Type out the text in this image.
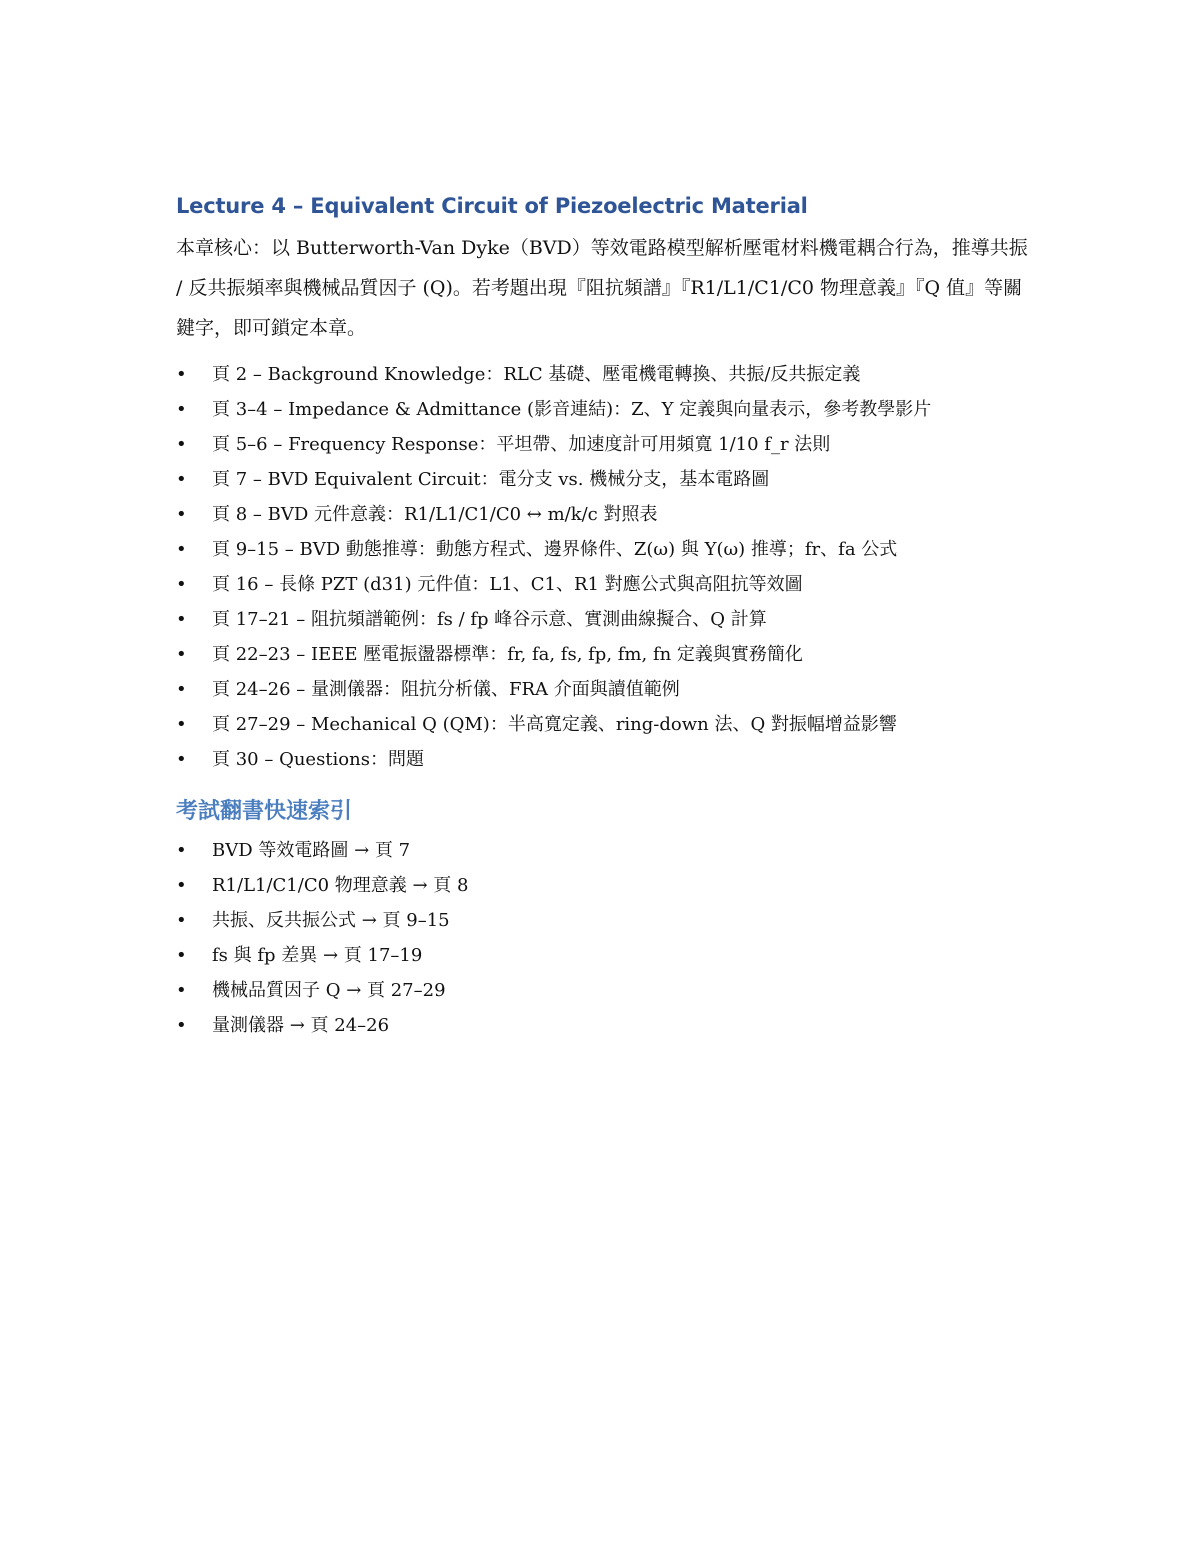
Lecture 4 – Equivalent Circuit of Piezoelectric Material

本章核心：以 Butterworth-Van Dyke（BVD）等效電路模型解析壓電材料機電耦合行為，推導共振 / 反共振頻率與機械品質因子 (Q)。若考題出現『阻抗頻譜』『R1/L1/C1/C0 物理意義』『Q 值』等關鍵字，即可鎖定本章。

• 頁 2 – Background Knowledge：RLC 基礎、壓電機電轉換、共振/反共振定義
• 頁 3–4 – Impedance & Admittance (影音連結)：Z、Y 定義與向量表示，參考教學影片
• 頁 5–6 – Frequency Response：平坦帶、加速度計可用頻寬 1/10 f_r 法則
• 頁 7 – BVD Equivalent Circuit：電分支 vs. 機械分支，基本電路圖
• 頁 8 – BVD 元件意義：R1/L1/C1/C0 ↔ m/k/c 對照表
• 頁 9–15 – BVD 動態推導：動態方程式、邊界條件、Z(ω) 與 Y(ω) 推導；fr、fa 公式
• 頁 16 – 長條 PZT (d31) 元件值：L1、C1、R1 對應公式與高阻抗等效圖
• 頁 17–21 – 阻抗頻譜範例：fs / fp 峰谷示意、實測曲線擬合、Q 計算
• 頁 22–23 – IEEE 壓電振盪器標準：fr, fa, fs, fp, fm, fn 定義與實務簡化
• 頁 24–26 – 量測儀器：阻抗分析儀、FRA 介面與讀值範例
• 頁 27–29 – Mechanical Q (QM)：半高寬定義、ring-down 法、Q 對振幅增益影響
• 頁 30 – Questions：問題
考試翻書快速索引
• BVD 等效電路圖 → 頁 7
• R1/L1/C1/C0 物理意義 → 頁 8
• 共振、反共振公式 → 頁 9–15
• fs 與 fp 差異 → 頁 17–19
• 機械品質因子 Q → 頁 27–29
• 量測儀器 → 頁 24–26
